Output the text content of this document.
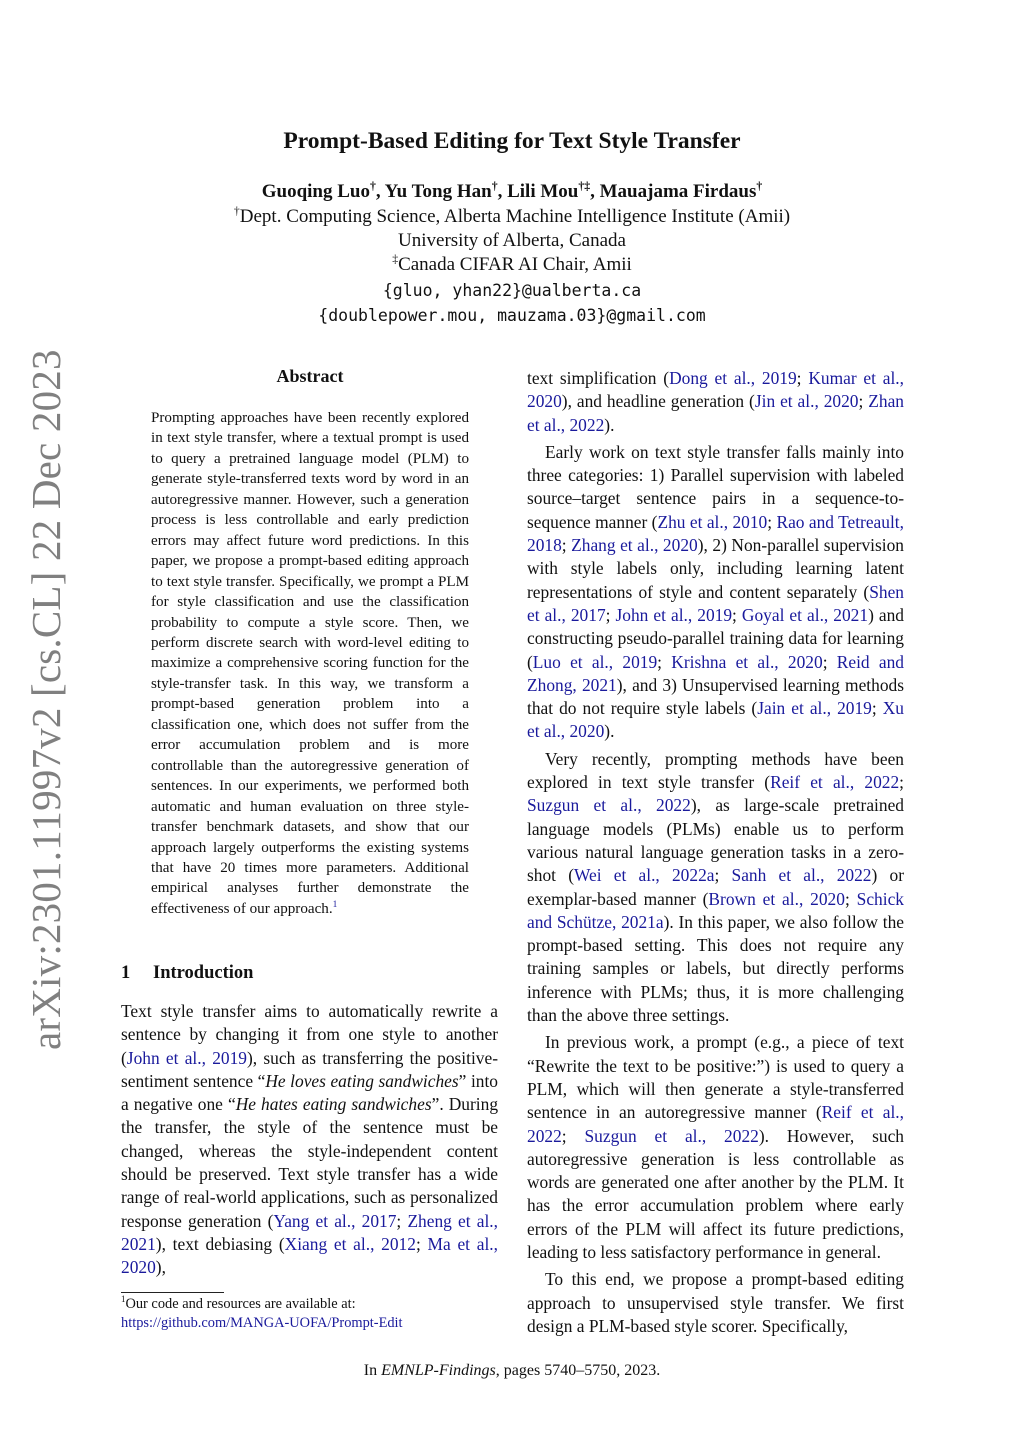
arXiv:2301.11997v2 [cs.CL] 22 Dec 2023
Prompt-Based Editing for Text Style Transfer
Guoqing Luo†, Yu Tong Han†, Lili Mou†‡, Mauajama Firdaus†
†Dept. Computing Science, Alberta Machine Intelligence Institute (Amii)
University of Alberta, Canada
‡Canada CIFAR AI Chair, Amii
{gluo, yhan22}@ualberta.ca
{doublepower.mou, mauzama.03}@gmail.com
Abstract
Prompting approaches have been recently explored in text style transfer, where a textual prompt is used to query a pretrained language model (PLM) to generate style-transferred texts word by word in an autoregressive manner. However, such a generation process is less controllable and early prediction errors may affect future word predictions. In this paper, we propose a prompt-based editing approach to text style transfer. Specifically, we prompt a PLM for style classification and use the classification probability to compute a style score. Then, we perform discrete search with word-level editing to maximize a comprehensive scoring function for the style-transfer task. In this way, we transform a prompt-based generation problem into a classification one, which does not suffer from the error accumulation problem and is more controllable than the autoregressive generation of sentences. In our experiments, we performed both automatic and human evaluation on three style-transfer benchmark datasets, and show that our approach largely outperforms the existing systems that have 20 times more parameters. Additional empirical analyses further demonstrate the effectiveness of our approach.$^1$
1 Introduction
Text style transfer aims to automatically rewrite a sentence by changing it from one style to another (John et al., 2019), such as transferring the positive-sentiment sentence “He loves eating sandwiches” into a negative one “He hates eating sandwiches”. During the transfer, the style of the sentence must be changed, whereas the style-independent content should be preserved. Text style transfer has a wide range of real-world applications, such as personalized response generation (Yang et al., 2017; Zheng et al., 2021), text debiasing (Xiang et al., 2012; Ma et al., 2020),

text simplification (Dong et al., 2019; Kumar et al., 2020), and headline generation (Jin et al., 2020; Zhan et al., 2022).

Early work on text style transfer falls mainly into three categories: 1) Parallel supervision with labeled source–target sentence pairs in a sequence-to-sequence manner (Zhu et al., 2010; Rao and Tetreault, 2018; Zhang et al., 2020), 2) Non-parallel supervision with style labels only, including learning latent representations of style and content separately (Shen et al., 2017; John et al., 2019; Goyal et al., 2021) and constructing pseudo-parallel training data for learning (Luo et al., 2019; Krishna et al., 2020; Reid and Zhong, 2021), and 3) Unsupervised learning methods that do not require style labels (Jain et al., 2019; Xu et al., 2020).

Very recently, prompting methods have been explored in text style transfer (Reif et al., 2022; Suzgun et al., 2022), as large-scale pretrained language models (PLMs) enable us to perform various natural language generation tasks in a zero-shot (Wei et al., 2022a; Sanh et al., 2022) or exemplar-based manner (Brown et al., 2020; Schick and Schütze, 2021a). In this paper, we also follow the prompt-based setting. This does not require any training samples or labels, but directly performs inference with PLMs; thus, it is more challenging than the above three settings.

In previous work, a prompt (e.g., a piece of text “Rewrite the text to be positive:”) is used to query a PLM, which will then generate a style-transferred sentence in an autoregressive manner (Reif et al., 2022; Suzgun et al., 2022). However, such autoregressive generation is less controllable as words are generated one after another by the PLM. It has the error accumulation problem where early errors of the PLM will affect its future predictions, leading to less satisfactory performance in general.

To this end, we propose a prompt-based editing approach to unsupervised style transfer. We first design a PLM-based style scorer. Specifically,

$^1$Our code and resources are available at: https://github.com/MANGA-UOFA/Prompt-Edit
In EMNLP-Findings, pages 5740–5750, 2023.
